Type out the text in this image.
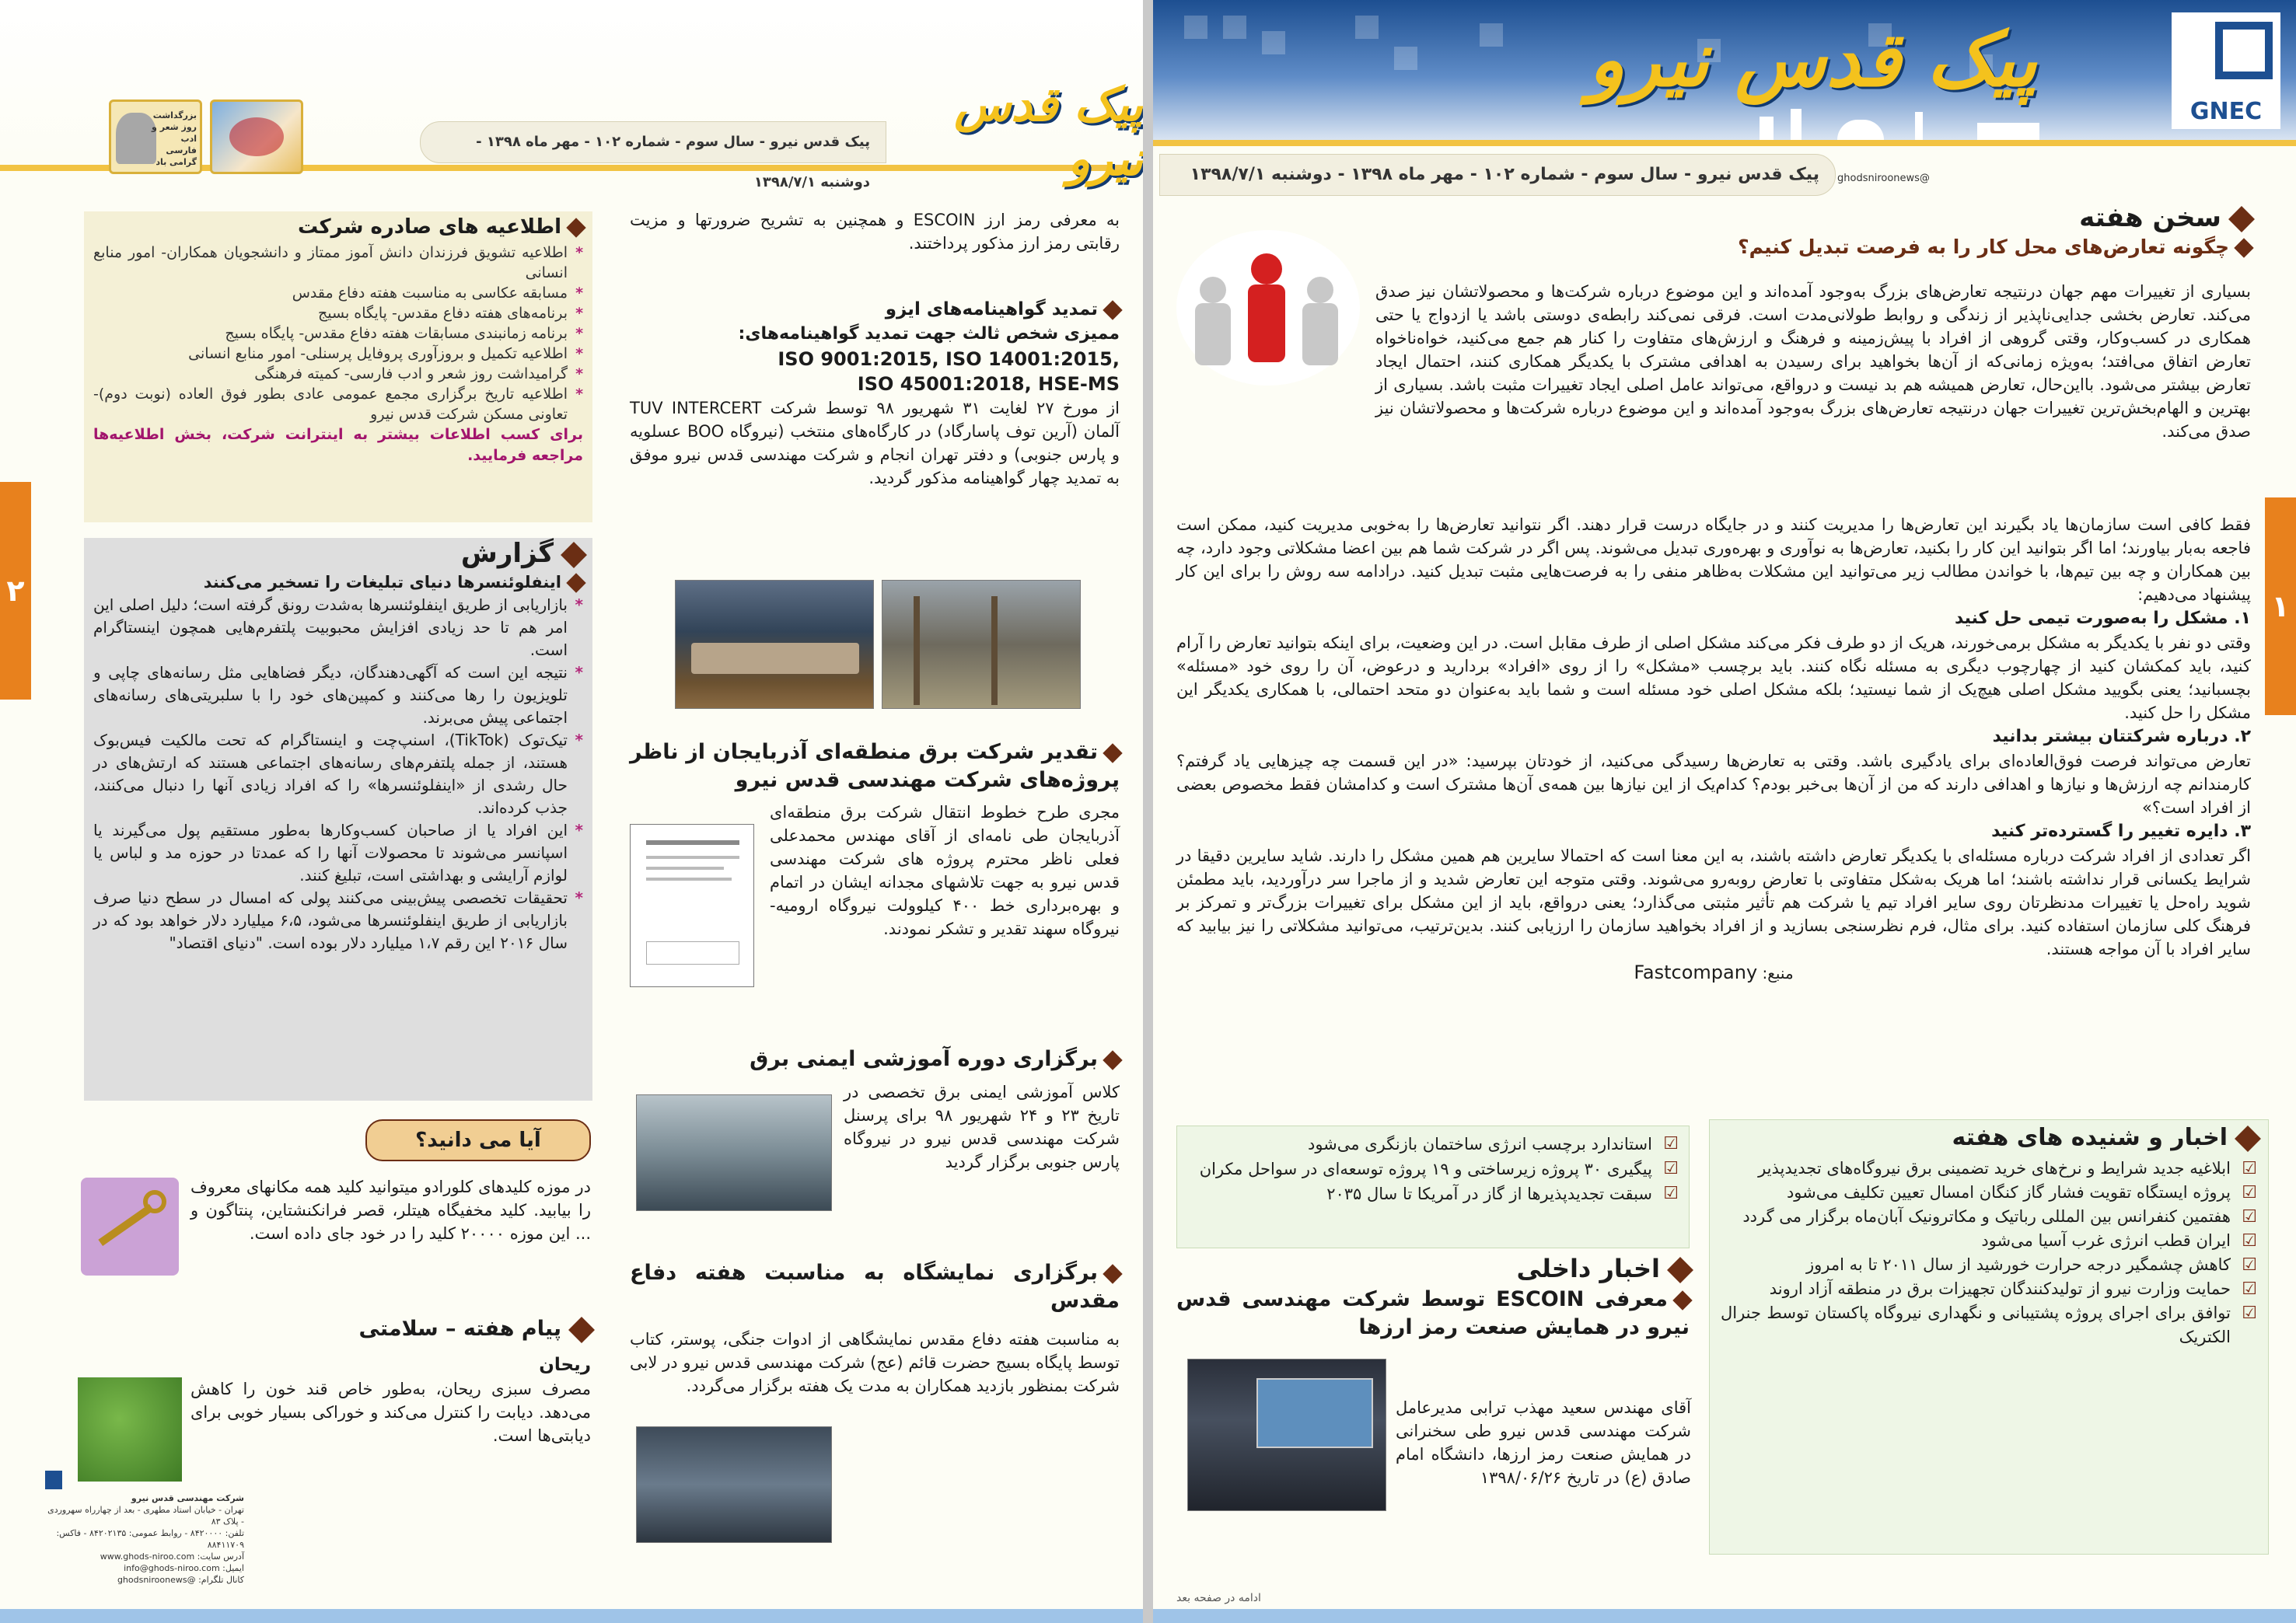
بزرگداشت روز شعر و ادب فارسی گرامی باد
پیک قدس نیرو - سال سوم - شماره ۱۰۲ - مهر ماه ۱۳۹۸ - دوشنبه ۱۳۹۸/۷/۱
پیک قدس نیرو
۲
به معرفی رمز ارز ESCOIN و همچنین به تشریح ضرورتها و مزیت رقابتی رمز ارز مذکور پرداختند.
تمدید گواهینامه‌های ایزو
ممیزی شخص ثالث جهت تمدید گواهینامه‌های:
ISO 9001:2015, ISO 14001:2015,
ISO 45001:2018, HSE-MS
از مورخ ۲۷ لغایت ۳۱ شهریور ۹۸ توسط شرکت TUV INTERCERT آلمان (آرین توف پاسارگاد) در کارگاه‌های منتخب (نیروگاه BOO عسلویه و پارس جنوبی) و دفتر تهران انجام و شرکت مهندسی قدس نیرو موفق به تمدید چهار گواهینامه مذکور گردید.
تقدیر شرکت برق منطقه‌ای آذربایجان از ناظر پروژه‌های شرکت مهندسی قدس نیرو
مجری طرح خطوط انتقال شرکت برق منطقه‌ای آذربایجان طی نامه‌ای از آقای مهندس محمدعلی فعلی ناظر محترم پروژه های شرکت مهندسی قدس نیرو به جهت تلاشهای مجدانه ایشان در اتمام و بهره‌برداری خط ۴۰۰ کیلوولت نیروگاه ارومیه- نیروگاه سهند تقدیر و تشکر نمودند.
برگزاری دوره آموزشی ایمنی برق
کلاس آموزشی ایمنی برق تخصصی در تاریخ ۲۳ و ۲۴ شهریور ۹۸ برای پرسنل شرکت مهندسی قدس نیرو در نیروگاه پارس جنوبی برگزار گردید
برگزاری نمایشگاه به مناسبت هفته دفاع مقدس
به مناسبت هفته دفاع مقدس نمایشگاهی از ادوات جنگی، پوستر، کتاب توسط پایگاه بسیج حضرت قائم (عج) شرکت مهندسی قدس نیرو در لابی شرکت بمنظور بازدید همکاران به مدت یک هفته برگزار می‌گردد.
اطلاعیه های صادره شرکت
* اطلاعیه تشویق فرزندان دانش آموز ممتاز و دانشجویان همکاران- امور منابع انسانی
* مسابقه عکاسی به مناسبت هفته دفاع مقدس
* برنامه‌های هفته دفاع مقدس- پایگاه بسیج
* برنامه زمانبندی مسابقات هفته دفاع مقدس- پایگاه بسیج
* اطلاعیه تکمیل و بروزآوری پروفایل پرسنلی- امور منابع انسانی
* گرامیداشت روز شعر و ادب فارسی- کمیته فرهنگی
* اطلاعیه تاریخ برگزاری مجمع عمومی عادی بطور فوق العاده (نوبت دوم)- تعاونی مسکن شرکت قدس نیرو
برای کسب اطلاعات بیشتر به اینترانت شرکت، بخش اطلاعیه‌ها مراجعه فرمایید.
گزارش
اینفلوئنسرها دنیای تبلیغات را تسخیر می‌کنند
* بازاریابی از طریق اینفلوئنسرها به‌شدت رونق گرفته است؛ دلیل اصلی این امر هم تا حد زیادی افزایش محبوبیت پلتفرم‌هایی همچون اینستاگرام است.
* نتیجه این است که آگهی‌دهندگان، دیگر فضاهایی مثل رسانه‌های چاپی و تلویزیون را رها می‌کنند و کمپین‌های خود را با سلبریتی‌های رسانه‌های اجتماعی پیش می‌برند.
* تیک‌توک (TikTok)، اسنپ‌چت و اینستاگرام که تحت مالکیت فیس‌بوک هستند، از جمله پلتفرم‌های رسانه‌های اجتماعی هستند که ارتش‌های در حال رشدی از «اینفلوئنسرها» را که افراد زیادی آنها را دنبال می‌کنند، جذب کرده‌اند.
* این افراد یا از صاحبان کسب‌وکارها به‌طور مستقیم پول می‌گیرند یا اسپانسر می‌شوند تا محصولات آنها را که عمدتا در حوزه مد و لباس یا لوازم آرایشی و بهداشتی است، تبلیغ کنند.
* تحقیقات تخصصی پیش‌بینی می‌کنند پولی که امسال در سطح دنیا صرف بازاریابی از طریق اینفلوئنسرها می‌شود، ۶،۵ میلیارد دلار خواهد بود که در سال ۲۰۱۶ این رقم ۱،۷ میلیارد دلار بوده است. "دنیای اقتصاد"
آیا می دانید؟
در موزه کلیدهای کلورادو میتوانید کلید همه مکانهای معروف را بیابید. کلید مخفیگاه هیتلر، قصر فرانکنشتاین، پنتاگون و ... این موزه ۲۰۰۰۰ کلید را در خود جای داده است.
پیام هفته – سلامتی
ریحان
مصرف سبزی ریحان، به‌طور خاص قند خون را کاهش می‌دهد. دیابت را کنترل می‌کند و خوراکی بسیار خوبی برای دیابتی‌ها است.
شرکت مهندسی قدس نیرو
تهران - خیابان استاد مطهری - بعد از چهارراه سهروردی - پلاک ۸۳
تلفن: ۸۴۲۰۰۰۰ - روابط عمومی: ۸۴۲۰۲۱۳۵ - فاکس: ۸۸۴۱۱۷۰۹
آدرس سایت: www.ghods-niroo.com
ایمیل: info@ghods-niroo.com
کانال تلگرام: @ghodsniroonews
GNEC
پیک قدس نیرو
ghodsniroonews@
پیک قدس نیرو - سال سوم - شماره ۱۰۲ - مهر ماه ۱۳۹۸ - دوشنبه ۱۳۹۸/۷/۱
۱
سخن هفته
چگونه تعارض‌های محل کار را به فرصت تبدیل کنیم؟
بسیاری از تغییرات مهم جهان درنتیجه تعارض‌های بزرگ به‌وجود آمده‌اند و این موضوع درباره شرکت‌ها و محصولاتشان نیز صدق می‌کند. تعارض بخشی جدایی‌ناپذیر از زندگی و روابط طولانی‌مدت است. فرقی نمی‌کند رابطه‌ی دوستی باشد یا ازدواج یا حتی همکاری در کسب‌وکار، وقتی گروهی از افراد با پیش‌زمینه و فرهنگ و ارزش‌های متفاوت را کنار هم جمع می‌کنید، خواه‌ناخواه تعارض اتفاق می‌افتد؛ به‌ویژه زمانی‌که از آن‌ها بخواهید برای رسیدن به اهدافی مشترک با یکدیگر همکاری کنند، احتمال ایجاد تعارض بیشتر می‌شود. بااین‌حال، تعارض همیشه هم بد نیست و درواقع، می‌تواند عامل اصلی ایجاد تغییرات مثبت باشد. بسیاری از بهترین و الهام‌بخش‌ترین تغییرات جهان درنتیجه تعارض‌های بزرگ به‌وجود آمده‌اند و این موضوع درباره شرکت‌ها و محصولاتشان نیز صدق می‌کند.

فقط کافی است سازمان‌ها یاد بگیرند این تعارض‌ها را مدیریت کنند و در جایگاه درست قرار دهند. اگر نتوانید تعارض‌ها را به‌خوبی مدیریت کنید، ممکن است فاجعه به‌بار بیاورند؛ اما اگر بتوانید این کار را بکنید، تعارض‌ها به نوآوری و بهره‌وری تبدیل می‌شوند. پس اگر در شرکت شما هم بین اعضا مشکلاتی وجود دارد، چه بین همکاران و چه بین تیم‌ها، با خواندن مطالب زیر می‌توانید این مشکلات به‌ظاهر منفی را به فرصت‌هایی مثبت تبدیل کنید. درادامه سه روش را برای این کار پیشنهاد می‌دهیم:

۱. مشکل را به‌صورت تیمی حل کنید

وقتی دو نفر با یکدیگر به مشکل برمی‌خورند، هریک از دو طرف فکر می‌کند مشکل اصلی از طرف مقابل است. در این وضعیت، برای اینکه بتوانید تعارض را آرام کنید، باید کمکشان کنید از چهارچوب دیگری به مسئله نگاه کنند. باید برچسب «مشکل» را از روی «افراد» بردارید و درعوض، آن را روی خود «مسئله» بچسبانید؛ یعنی بگویید مشکل اصلی هیچ‌یک از شما نیستید؛ بلکه مشکل اصلی خود مسئله است و شما باید به‌عنوان دو متحد احتمالی، با همکاری یکدیگر این مشکل را حل کنید.

۲. درباره شرکتتان بیشتر بدانید

تعارض می‌تواند فرصت فوق‌العاده‌ای برای یادگیری باشد. وقتی به تعارض‌ها رسیدگی می‌کنید، از خودتان بپرسید: «در این قسمت چه چیزهایی یاد گرفتم؟ کارمندانم چه ارزش‌ها و نیازها و اهدافی دارند که من از آن‌ها بی‌خبر بودم؟ کدام‌یک از این نیازها بین همه‌ی آن‌ها مشترک است و کدامشان فقط مخصوص بعضی از افراد است؟»

۳. دایره تغییر را گسترده‌تر کنید

اگر تعدادی از افراد شرکت درباره مسئله‌ای با یکدیگر تعارض داشته باشند، به این معنا است که احتمالا سایرین هم همین مشکل را دارند. شاید سایرین دقیقا در شرایط یکسانی قرار نداشته باشند؛ اما هریک به‌شکل متفاوتی با تعارض روبه‌رو می‌شوند. وقتی متوجه این تعارض شدید و از ماجرا سر درآوردید، باید مطمئن شوید راه‌حل یا تغییرات مدنظرتان روی سایر افراد تیم یا شرکت هم تأثیر مثبتی می‌گذارد؛ یعنی درواقع، باید از این مشکل برای تغییرات بزرگ‌تر و تمرکز بر فرهنگ کلی سازمان استفاده کنید. برای مثال، فرم نظرسنجی بسازید و از افراد بخواهید سازمان را ارزیابی کنند. بدین‌ترتیب، می‌توانید مشکلاتی را نیز بیابید که سایر افراد با آن مواجه هستند.

منبع: Fastcompany
اخبار و شنیده های هفته
☑ ابلاغیه جدید شرایط و نرخ‌های خرید تضمینی برق نیروگاه‌های تجدیدپذیر
☑ پروژه ایستگاه تقویت فشار گاز کنگان امسال تعیین تکلیف می‌شود
☑ هفتمین کنفرانس بین المللی رباتیک و مکاترونیک آبان‌ماه برگزار می گردد
☑ ایران قطب انرژی غرب آسیا می‌شود
☑ کاهش چشمگیر درجه حرارت خورشید از سال ۲۰۱۱ تا به امروز
☑ حمایت وزارت نیرو از تولیدکنندگان تجهیزات برق در منطقه آزاد اروند
☑ توافق برای اجرای پروژه پشتیبانی و نگهداری نیروگاه پاکستان توسط جنرال الکتریک
☑ استاندارد برچسب انرژی ساختمان بازنگری می‌شود
☑ پیگیری ۳۰ پروژه زیرساختی و ۱۹ پروژه توسعه‌ای در سواحل مکران
☑ سبقت تجدیدپذیرها از گاز در آمریکا تا سال ۲۰۳۵
اخبار داخلی
معرفی ESCOIN توسط شرکت مهندسی قدس نیرو در همایش صنعت رمز ارزها
آقای مهندس سعید مهذب ترابی مدیرعامل شرکت مهندسی قدس نیرو طی سخنرانی در همایش صنعت رمز ارزها، دانشگاه امام صادق (ع) در تاریخ ۱۳۹۸/۰۶/۲۶
ادامه در صفحه بعد
